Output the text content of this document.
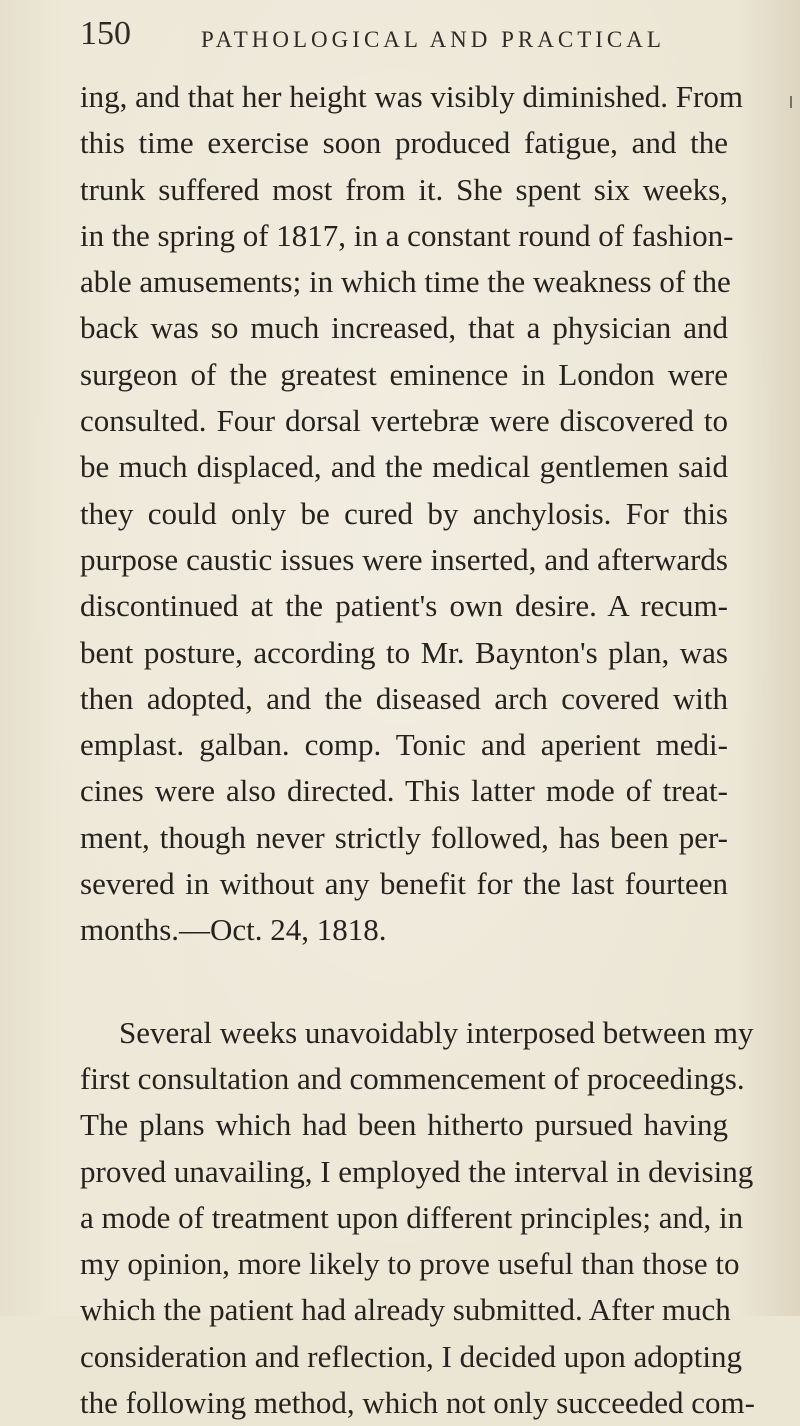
150	PATHOLOGICAL AND PRACTICAL

ing, and that her height was visibly diminished. From

this time exercise soon produced fatigue, and the

trunk suffered most from it. She spent six weeks,

in the spring of 1817, in a constant round of fashion-

able amusements; in which time the weakness of the

back was so much increased, that a physician and

surgeon of the greatest eminence in London were

consulted. Four dorsal vertebræ were discovered to

be much displaced, and the medical gentlemen said

they could only be cured by anchylosis. For this

purpose caustic issues were inserted, and afterwards

discontinued at the patient's own desire. A recum-

bent posture, according to Mr. Baynton's plan, was

then adopted, and the diseased arch covered with

emplast. galban. comp. Tonic and aperient medi-

cines were also directed. This latter mode of treat-

ment, though never strictly followed, has been per-

severed in without any benefit for the last fourteen

months.—Oct. 24, 1818.

Several weeks unavoidably interposed between my

first consultation and commencement of proceedings.

The plans which had been hitherto pursued having

proved unavailing, I employed the interval in devising

a mode of treatment upon different principles; and, in

my opinion, more likely to prove useful than those to

which the patient had already submitted. After much

consideration and reflection, I decided upon adopting

the following method, which not only succeeded com-
